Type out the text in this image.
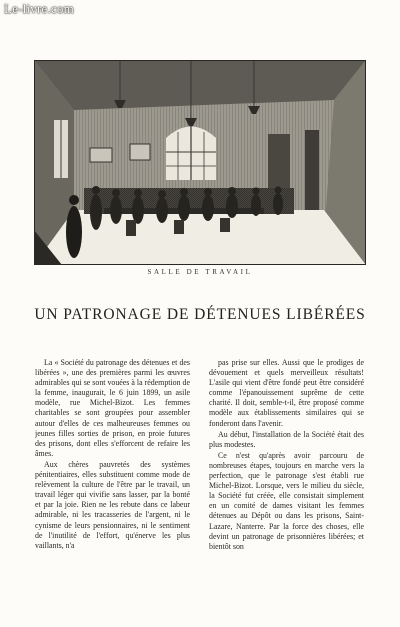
Le-livre.com
SALLE DE TRAVAIL
UN PATRONAGE DE DÉTENUES LIBÉRÉES

La « Société du patronage des détenues et des libérées », une des premières parmi les œuvres admirables qui se sont vouées à la rédemption de la femme, inaugurait, le 6 juin 1899, un asile modèle, rue Michel-Bizot. Les femmes charitables se sont groupées pour assembler autour d'elles de ces malheureuses femmes ou jeunes filles sorties de prison, en proie futures des prisons, dont elles s'efforcent de refaire les âmes.

Aux chères pauvretés des systèmes pénitentiaires, elles substituent comme mode de relèvement la culture de l'être par le travail, un travail léger qui vivifie sans lasser, par la bonté et par la joie. Rien ne les rebute dans ce labeur admirable, ni les tracasseries de l'argent, ni le cynisme de leurs pensionnaires, ni le sentiment de l'inutilité de l'effort, qu'énerve les plus vaillants, n'a

pas prise sur elles. Aussi que le prodiges de dévouement et quels merveilleux résultats! L'asile qui vient d'être fondé peut être considéré comme l'épanouissement suprême de cette charité. Il doit, semble-t-il, être proposé comme modèle aux établissements similaires qui se fonderont dans l'avenir.

Au début, l'installation de la Société était des plus modestes.

Ce n'est qu'après avoir parcouru de nombreuses étapes, toujours en marche vers la perfection, que le patronage s'est établi rue Michel-Bizot. Lorsque, vers le milieu du siècle, la Société fut créée, elle consistait simplement en un comité de dames visitant les femmes détenues au Dépôt ou dans les prisons, Saint-Lazare, Nanterre. Par la force des choses, elle devint un patronage de prisonnières libérées; et bientôt son
